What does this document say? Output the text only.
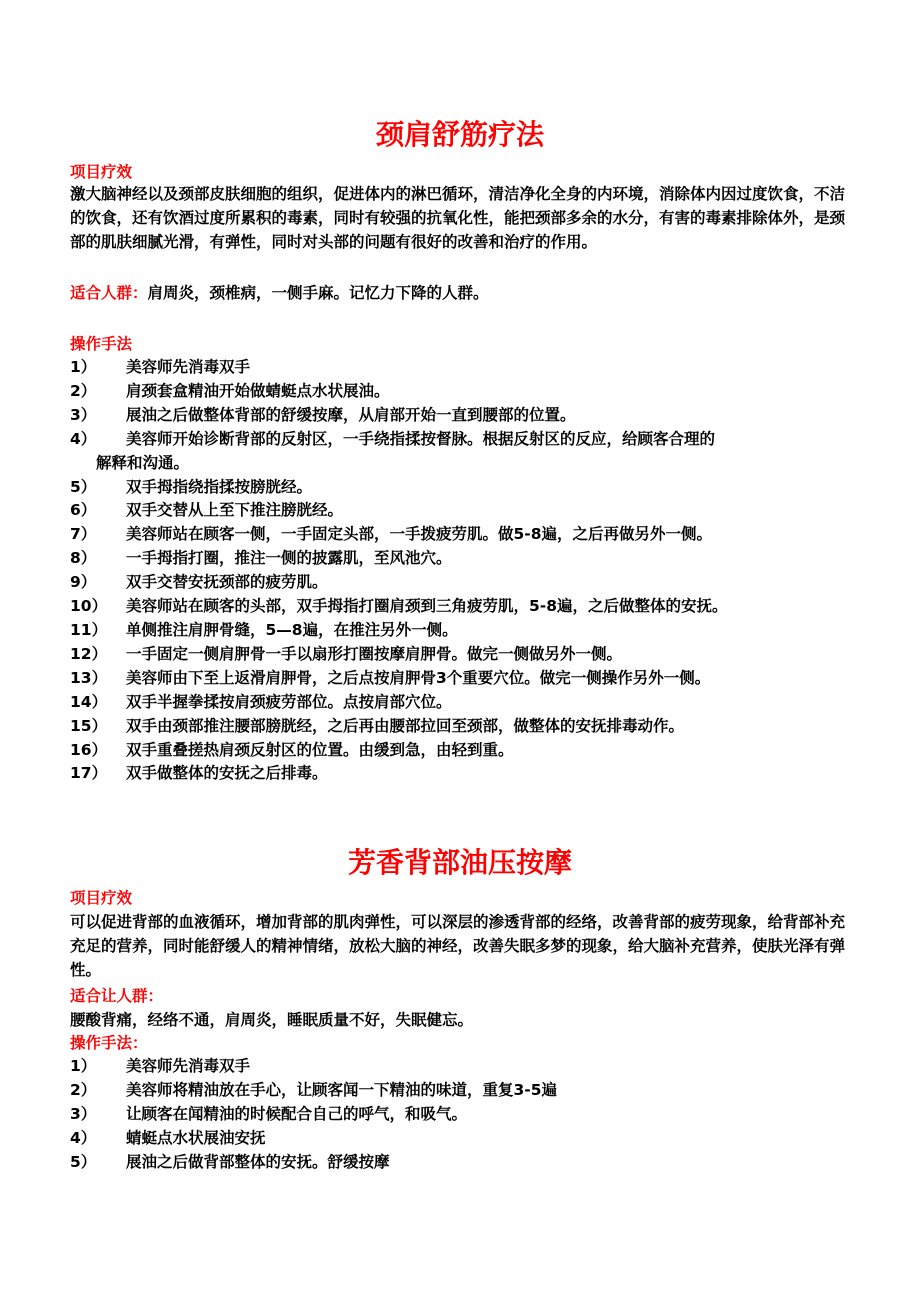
颈肩舒筋疗法
项目疗效
激大脑神经以及颈部皮肤细胞的组织，促进体内的淋巴循环，清洁净化全身的内环境，消除体内因过度饮食，不洁的饮食，还有饮酒过度所累积的毒素，同时有较强的抗氧化性，能把颈部多余的水分，有害的毒素排除体外，是颈部的肌肤细腻光滑，有弹性，同时对头部的问题有很好的改善和治疗的作用。
适合人群：肩周炎，颈椎病，一侧手麻。记忆力下降的人群。
操作手法
1）	美容师先消毒双手
2）	肩颈套盒精油开始做蜻蜓点水状展油。
3）	展油之后做整体背部的舒缓按摩，从肩部开始一直到腰部的位置。
4）	美容师开始诊断背部的反射区，一手绕指揉按督脉。根据反射区的反应，给顾客合理的
解释和沟通。
5）	双手拇指绕指揉按膀胱经。
6）	双手交替从上至下推注膀胱经。
7）	美容师站在顾客一侧，一手固定头部，一手拨疲劳肌。做5-8遍，之后再做另外一侧。
8）	一手拇指打圈，推注一侧的披露肌，至风池穴。
9）	双手交替安抚颈部的疲劳肌。
10）	美容师站在顾客的头部，双手拇指打圈肩颈到三角疲劳肌，5-8遍，之后做整体的安抚。
11）	单侧推注肩胛骨缝，5—8遍，在推注另外一侧。
12）	一手固定一侧肩胛骨一手以扇形打圈按摩肩胛骨。做完一侧做另外一侧。
13）	美容师由下至上返滑肩胛骨，之后点按肩胛骨3个重要穴位。做完一侧操作另外一侧。
14）	双手半握拳揉按肩颈疲劳部位。点按肩部穴位。
15）	双手由颈部推注腰部膀胱经，之后再由腰部拉回至颈部，做整体的安抚排毒动作。
16）	双手重叠搓热肩颈反射区的位置。由缓到急，由轻到重。
17）	双手做整体的安抚之后排毒。
芳香背部油压按摩
项目疗效
可以促进背部的血液循环，增加背部的肌肉弹性，可以深层的渗透背部的经络，改善背部的疲劳现象，给背部补充充足的营养，同时能舒缓人的精神情绪，放松大脑的神经，改善失眠多梦的现象，给大脑补充营养，使肤光泽有弹性。
适合让人群：
腰酸背痛，经络不通，肩周炎，睡眠质量不好，失眠健忘。
操作手法：
1）	美容师先消毒双手
2）	美容师将精油放在手心，让顾客闻一下精油的味道，重复3-5遍
3）	让顾客在闻精油的时候配合自己的呼气，和吸气。
4）	蜻蜓点水状展油安抚
5）	展油之后做背部整体的安抚。舒缓按摩
